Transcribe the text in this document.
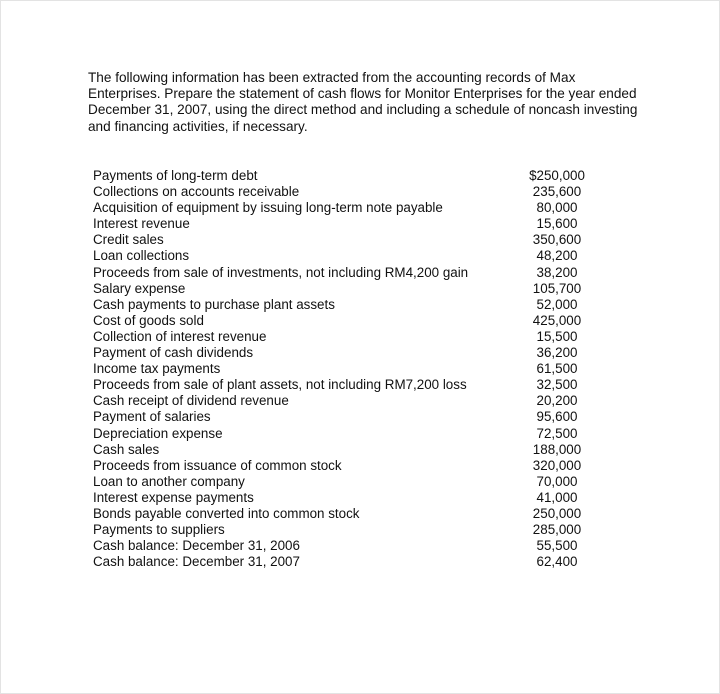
The following information has been extracted from the accounting records of Max Enterprises. Prepare the statement of cash flows for Monitor Enterprises for the year ended December 31, 2007, using the direct method and including a schedule of noncash investing and financing activities, if necessary.

Payments of long-term debt	$250,000
Collections on accounts receivable	235,600
Acquisition of equipment by issuing long-term note payable	80,000
Interest revenue	15,600
Credit sales	350,600
Loan collections	48,200
Proceeds from sale of investments, not including RM4,200 gain	38,200
Salary expense	105,700
Cash payments to purchase plant assets	52,000
Cost of goods sold	425,000
Collection of interest revenue	15,500
Payment of cash dividends	36,200
Income tax payments	61,500
Proceeds from sale of plant assets, not including RM7,200 loss	32,500
Cash receipt of dividend revenue	20,200
Payment of salaries	95,600
Depreciation expense	72,500
Cash sales	188,000
Proceeds from issuance of common stock	320,000
Loan to another company	70,000
Interest expense payments	41,000
Bonds payable converted into common stock	250,000
Payments to suppliers	285,000
Cash balance: December 31, 2006	55,500
Cash balance: December 31, 2007	62,400
